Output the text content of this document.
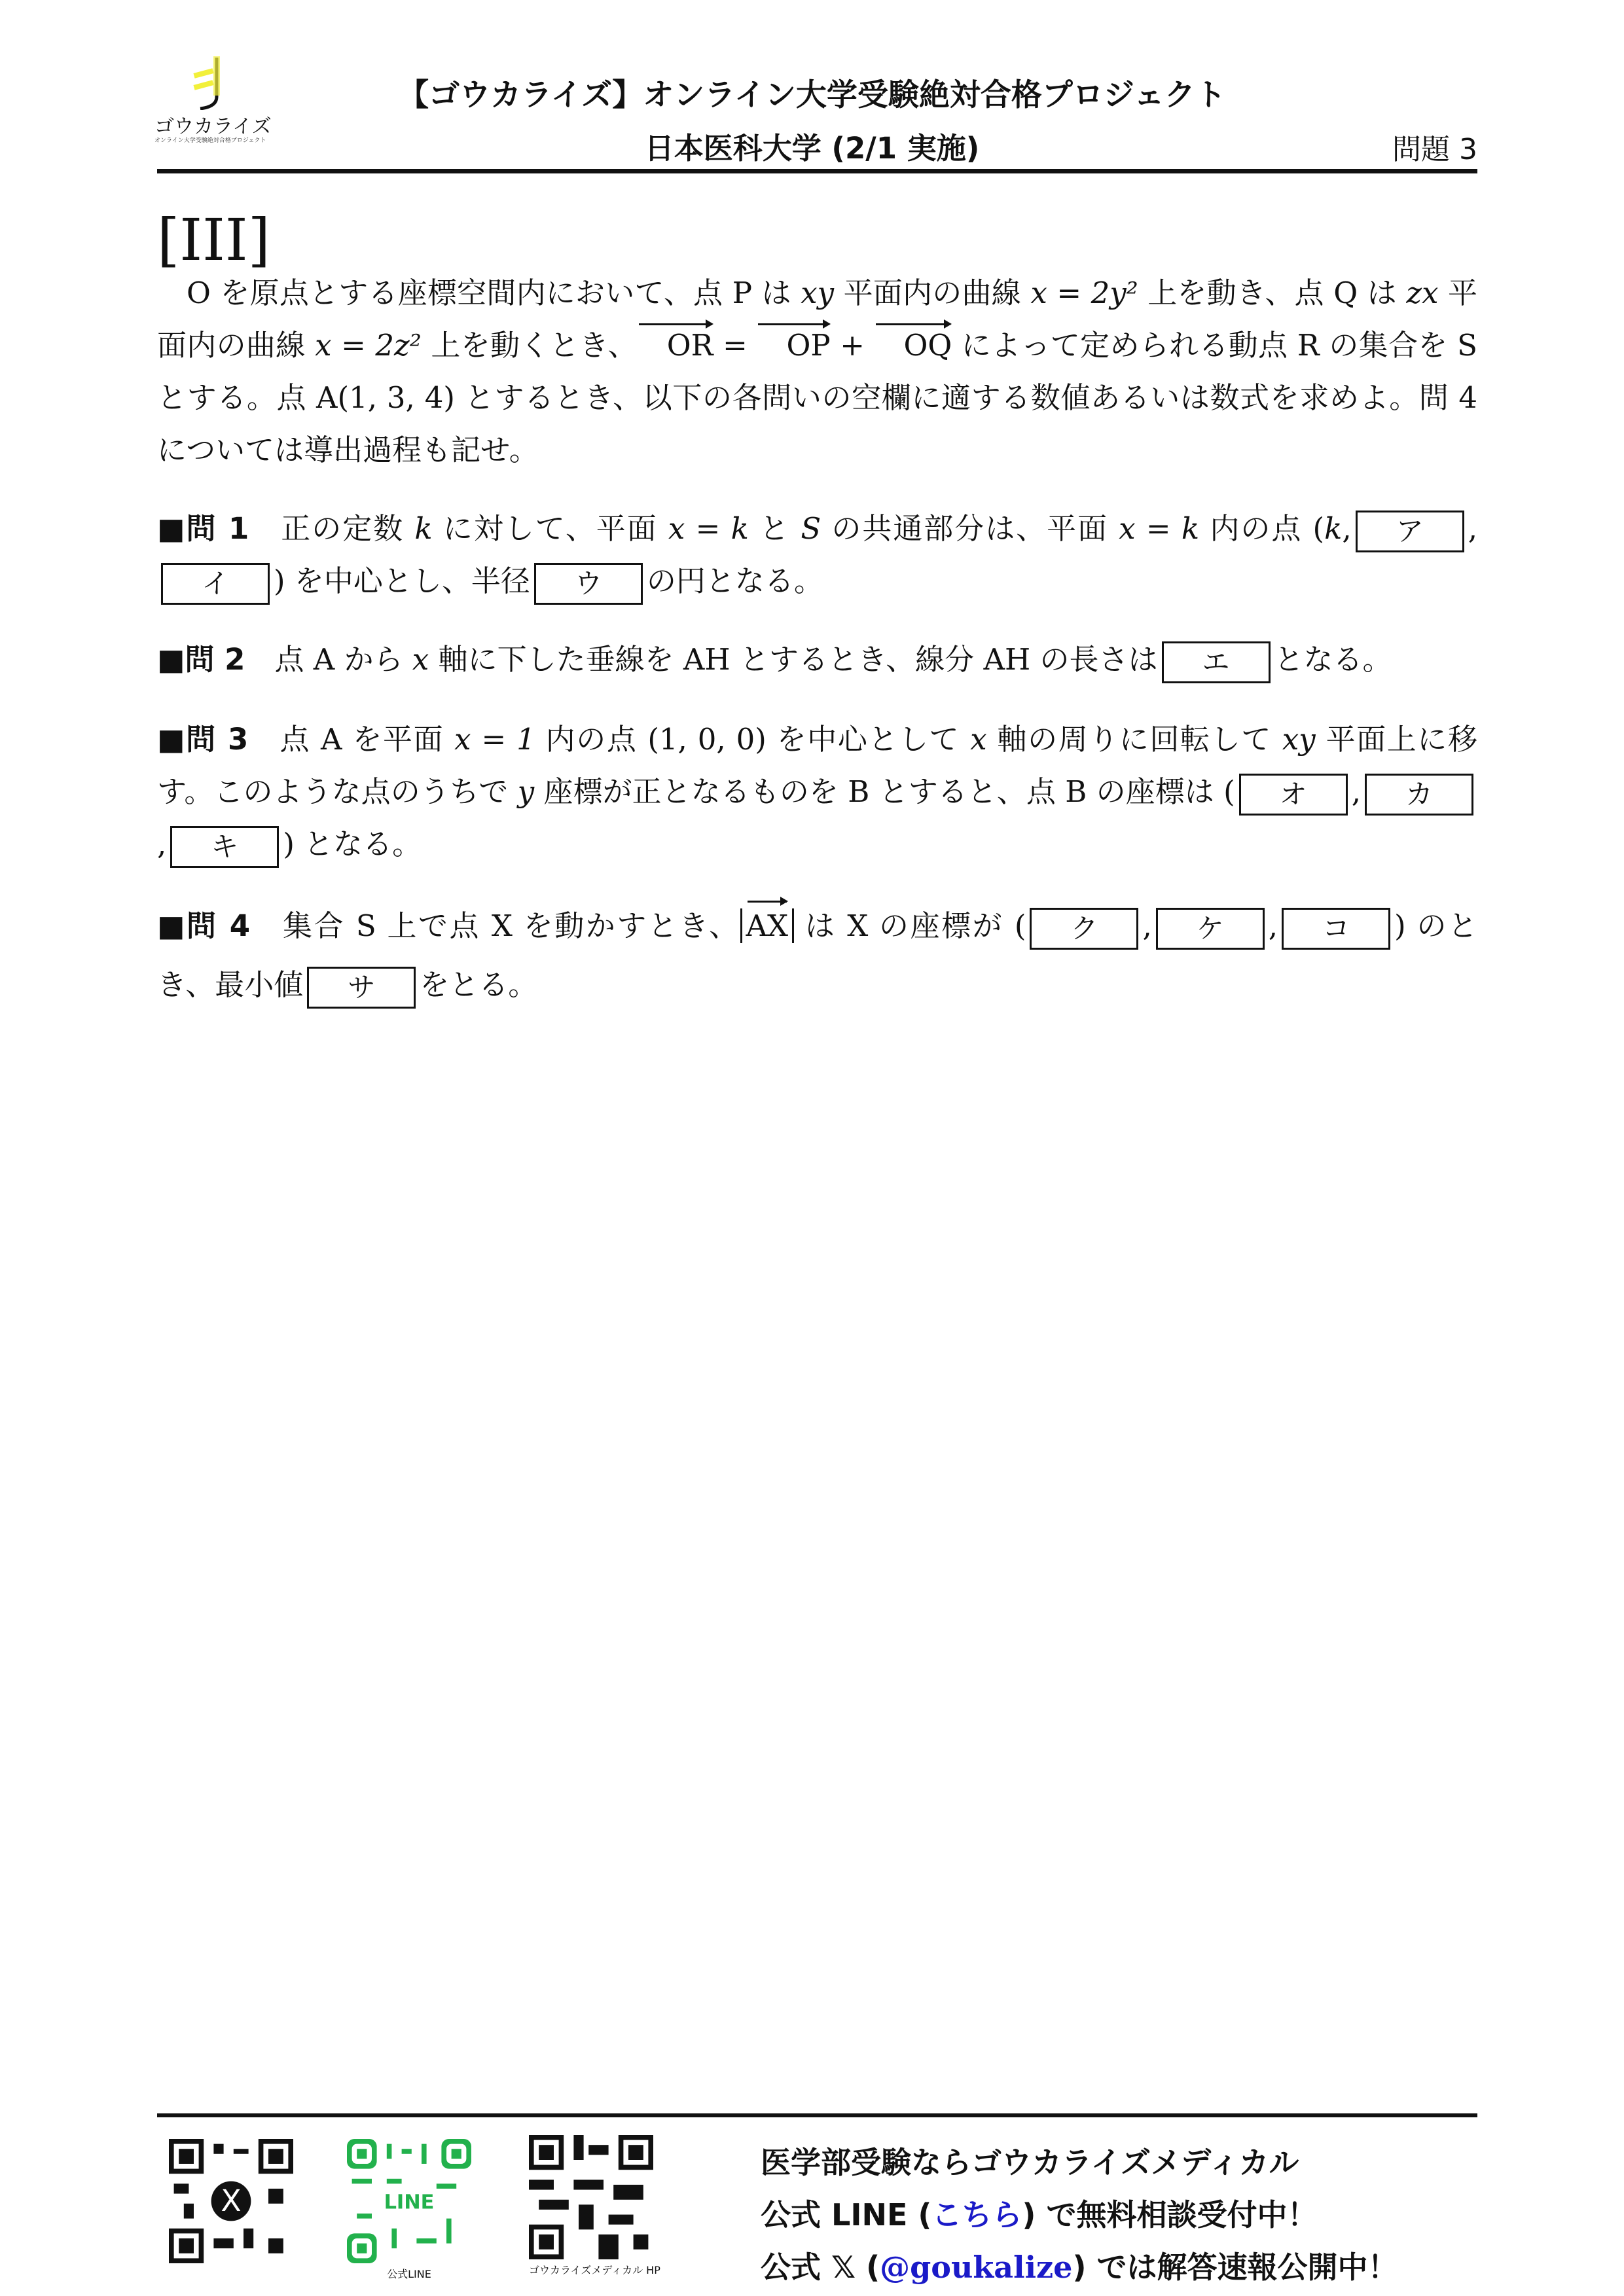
ゴウカライズ
オンライン大学受験絶対合格プロジェクト
【ゴウカライズ】オンライン大学受験絶対合格プロジェクト
日本医科大学 (2/1 実施)	問題 3
[III]
O を原点とする座標空間内において、点 P は xy 平面内の曲線 x = 2y² 上を動き、点 Q は zx 平面内の曲線 x = 2z² 上を動くとき、 OR = OP + OQ によって定められる動点 R の集合を S とする。点 A(1, 3, 4) とするとき、以下の各問いの空欄に適する数値あるいは数式を求めよ。問 4 については導出過程も記せ。
■問 1　正の定数 k に対して、平面 x = k と S の共通部分は、平面 x = k 内の点 (k, ア ,イ ) を中心とし、半径 ウ の円となる。
■問 2　点 A から x 軸に下した垂線を AH とするとき、線分 AH の長さは エ となる。
■問 3　点 A を平面 x = 1 内の点 (1, 0, 0) を中心として x 軸の周りに回転して xy 平面上に移す。このような点のうちで y 座標が正となるものを B とすると、点 B の座標は ( オ , カ, キ ) となる。
■問 4　集合 S 上で点 X を動かすとき、 AX は X の座標が ( ク , ケ , コ ) のとき、最小値 サ をとる。
X	LINE
公式LINE	ゴウカライズメディカル HP
医学部受験ならゴウカライズメディカル
公式 LINE (こちら) で無料相談受付中！
公式 𝕏 (@goukalize) では解答速報公開中！
